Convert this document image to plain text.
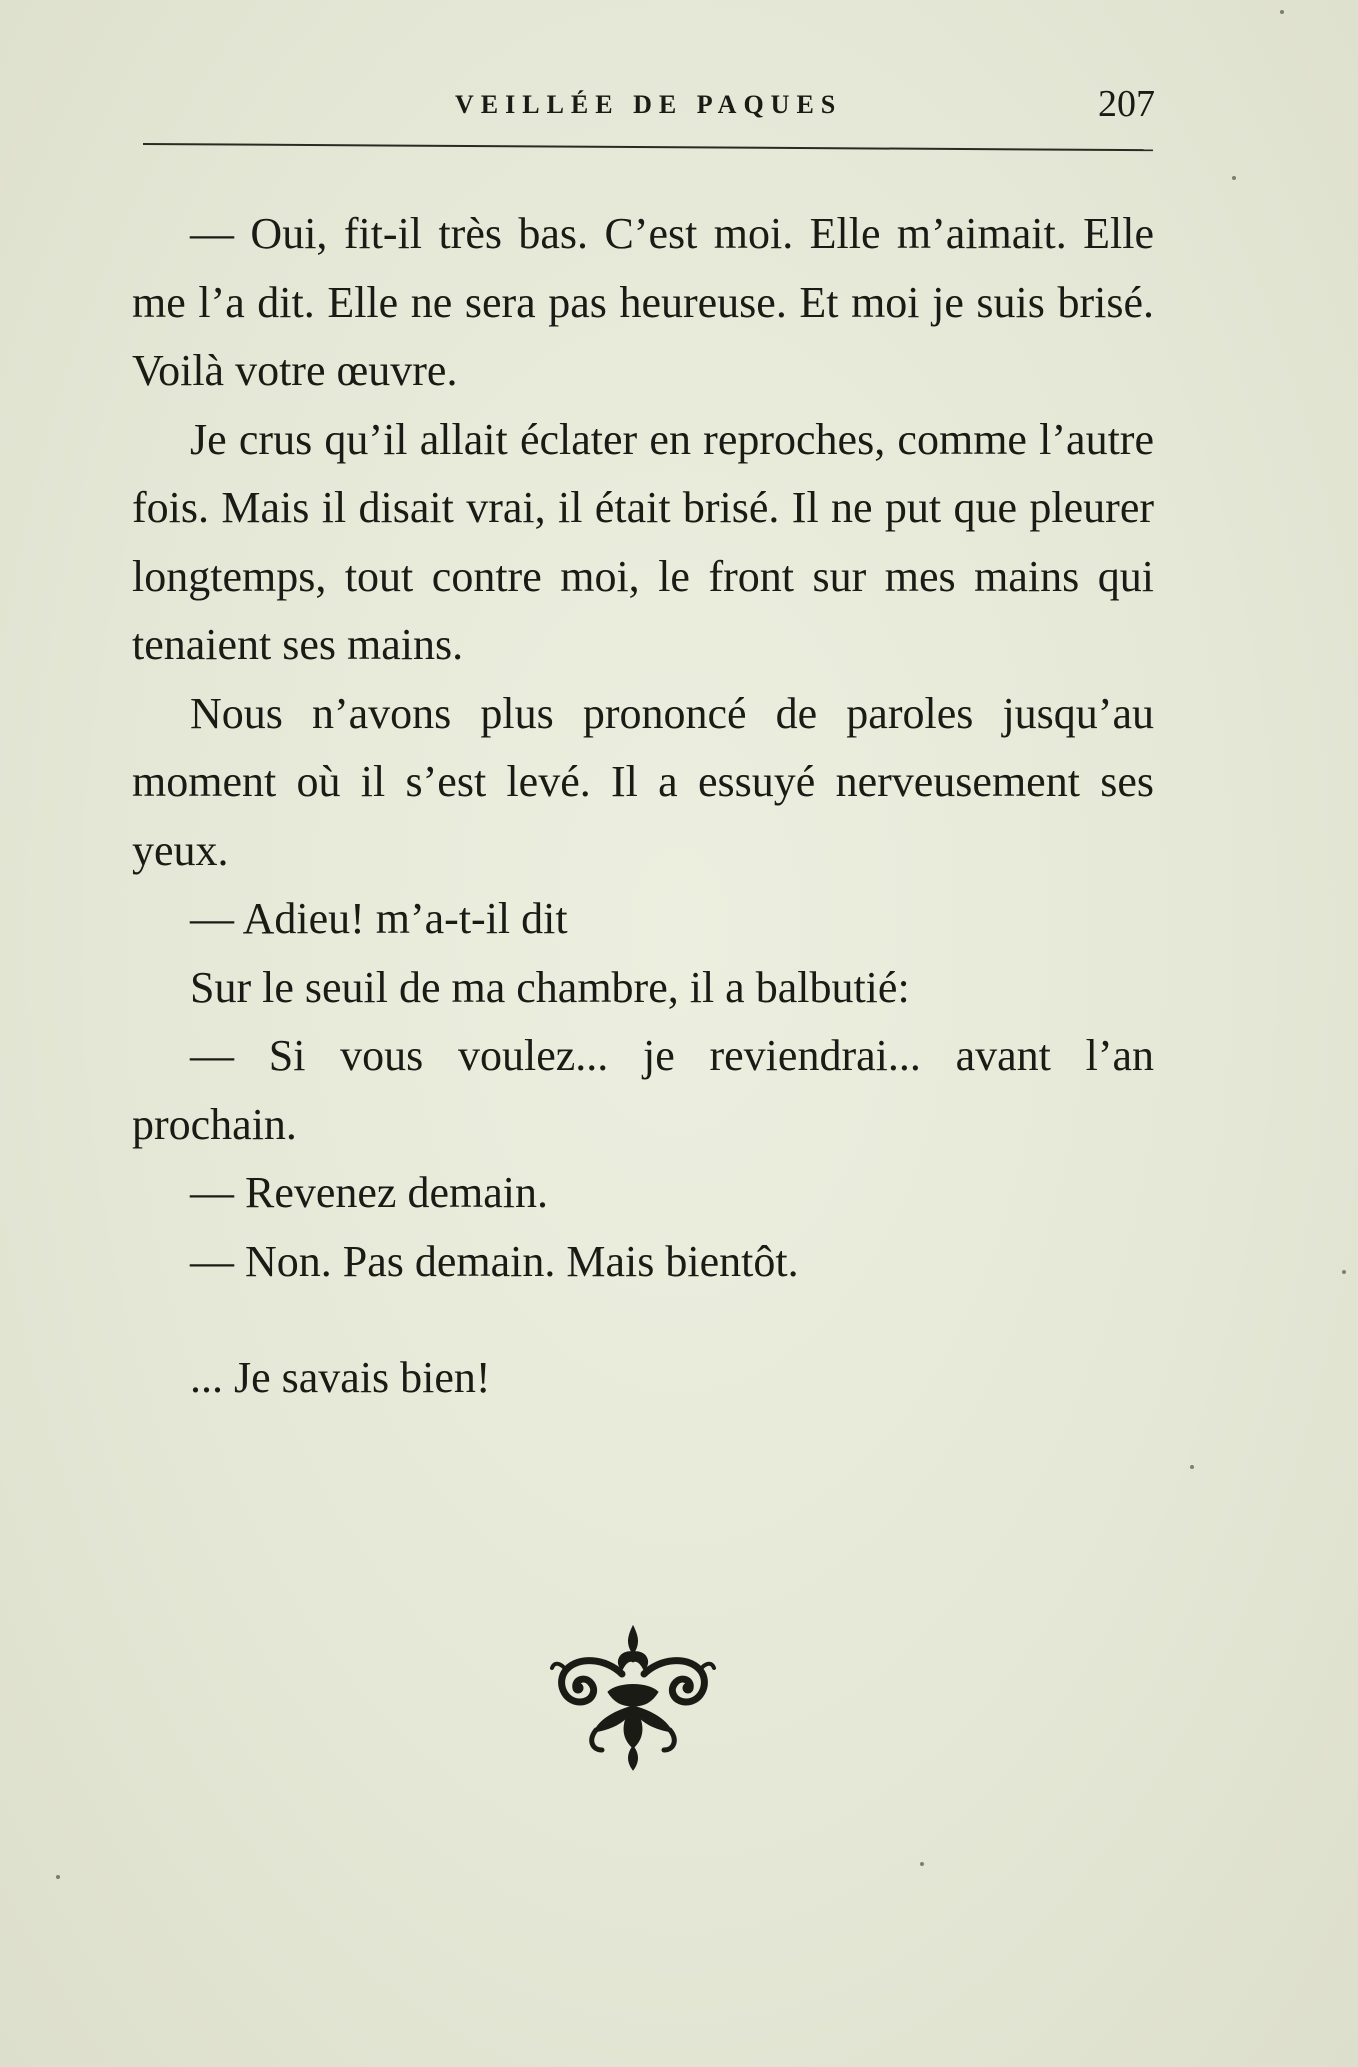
VEILLÉE DE PAQUES	207

— Oui, fit-il très bas. C’est moi. Elle m’aimait. Elle me l’a dit. Elle ne sera pas heureuse. Et moi je suis brisé. Voilà votre œuvre.

Je crus qu’il allait éclater en reproches, comme l’autre fois. Mais il disait vrai, il était brisé. Il ne put que pleurer longtemps, tout contre moi, le front sur mes mains qui tenaient ses mains.

Nous n’avons plus prononcé de paroles jusqu’au moment où il s’est levé. Il a essuyé nerveusement ses yeux.

— Adieu! m’a-t-il dit

Sur le seuil de ma chambre, il a balbutié:

— Si vous voulez... je reviendrai... avant l’an prochain.

— Revenez demain.

— Non. Pas demain. Mais bientôt.

... Je savais bien!
